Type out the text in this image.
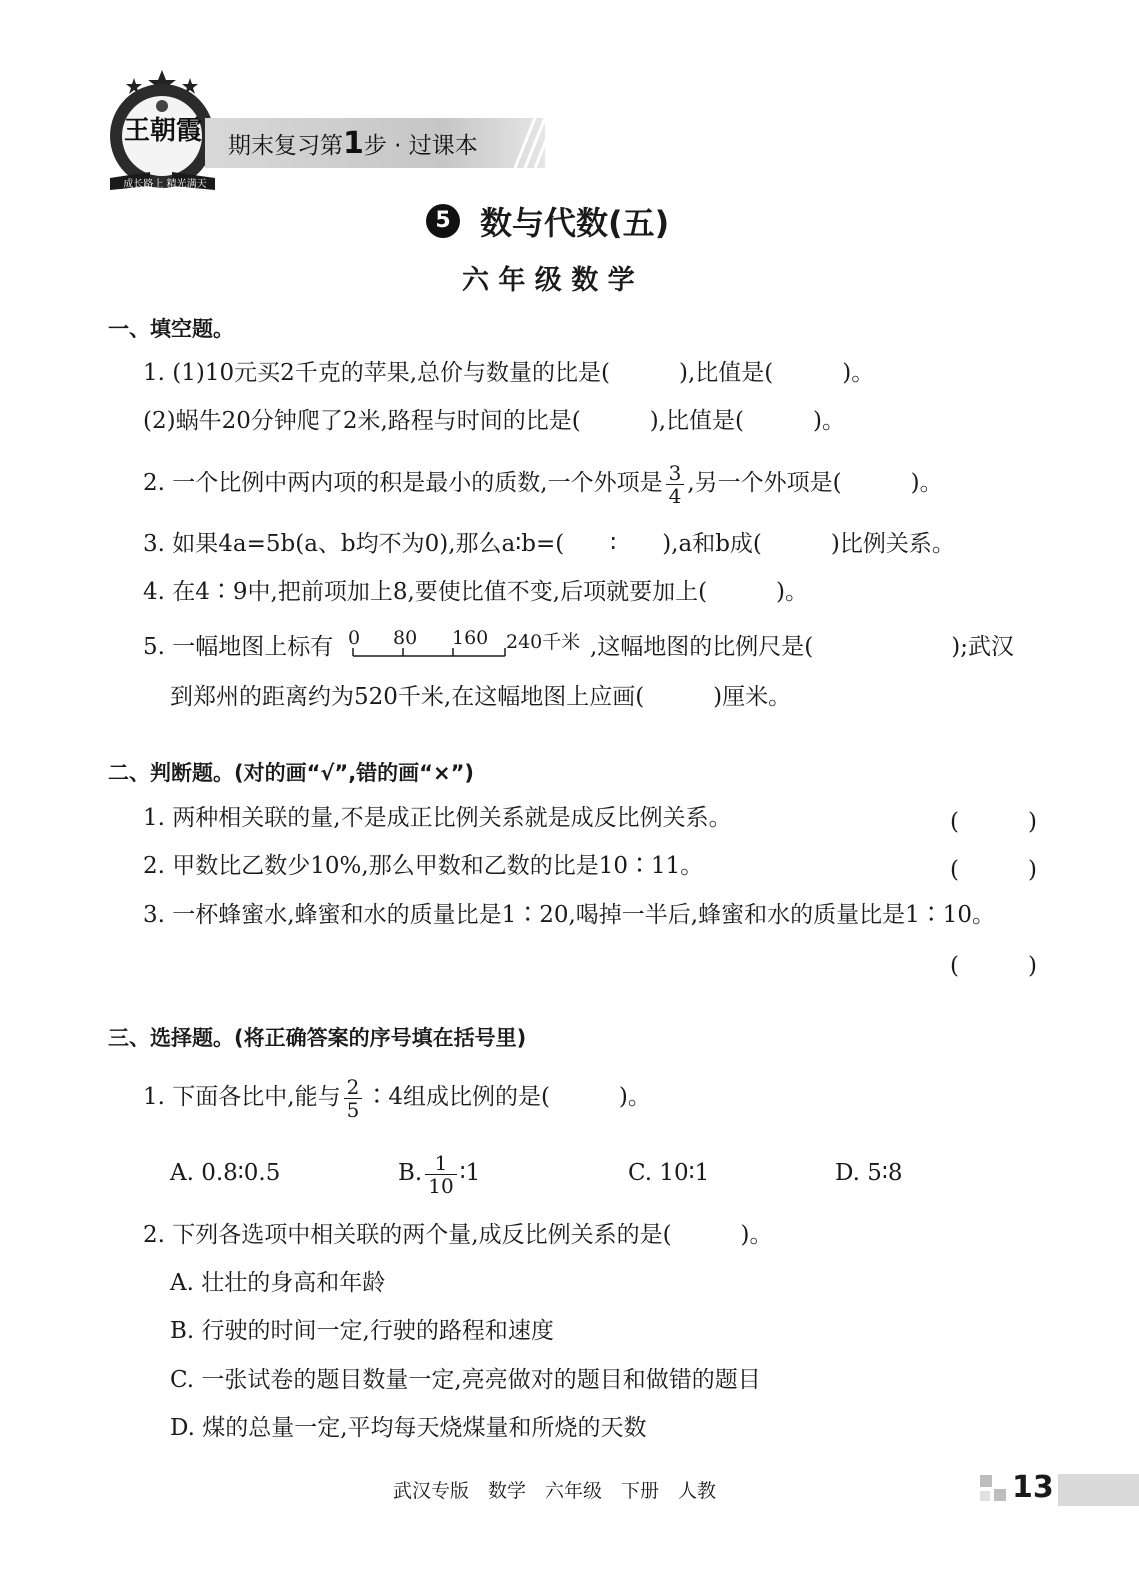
王朝霞
成长路上 精光满天
期末复习第1步 · 过课本
5 数与代数(五)
六 年 级 数 学
一、填空题。
1. (1)10元买2千克的苹果,总价与数量的比是(　　　),比值是(　　　)。
(2)蜗牛20分钟爬了2米,路程与时间的比是(　　　),比值是(　　　)。
2. 一个比例中两内项的积是最小的质数,一个外项是 $\frac{3}{4}$ ,另一个外项是(　　　)。
3. 如果4a=5b(a、b均不为0),那么a∶b=(　　∶　　),a和b成(　　　)比例关系。
4. 在4∶9中,把前项加上8,要使比值不变,后项就要加上(　　　)。
5. 一幅地图上标有 0 80 160 240千米 ,这幅地图的比例尺是(　　　　　　);武汉
到郑州的距离约为520千米,在这幅地图上应画(　　　)厘米。
二、判断题。(对的画“√”,错的画“×”)
1. 两种相关联的量,不是成正比例关系就是成反比例关系。	(　　　)
2. 甲数比乙数少10%,那么甲数和乙数的比是10∶11。	(　　　)
3. 一杯蜂蜜水,蜂蜜和水的质量比是1∶20,喝掉一半后,蜂蜜和水的质量比是1∶10。
(　　　)
三、选择题。(将正确答案的序号填在括号里)
1. 下面各比中,能与 $\frac{2}{5}$ ∶4组成比例的是(　　　)。
A. 0.8∶0.5	B. $\frac{1}{10}$ ∶1	C. 10∶1	D. 5∶8
2. 下列各选项中相关联的两个量,成反比例关系的是(　　　)。
A. 壮壮的身高和年龄
B. 行驶的时间一定,行驶的路程和速度
C. 一张试卷的题目数量一定,亮亮做对的题目和做错的题目
D. 煤的总量一定,平均每天烧煤量和所烧的天数
武汉专版　数学　六年级　下册　人教	13
